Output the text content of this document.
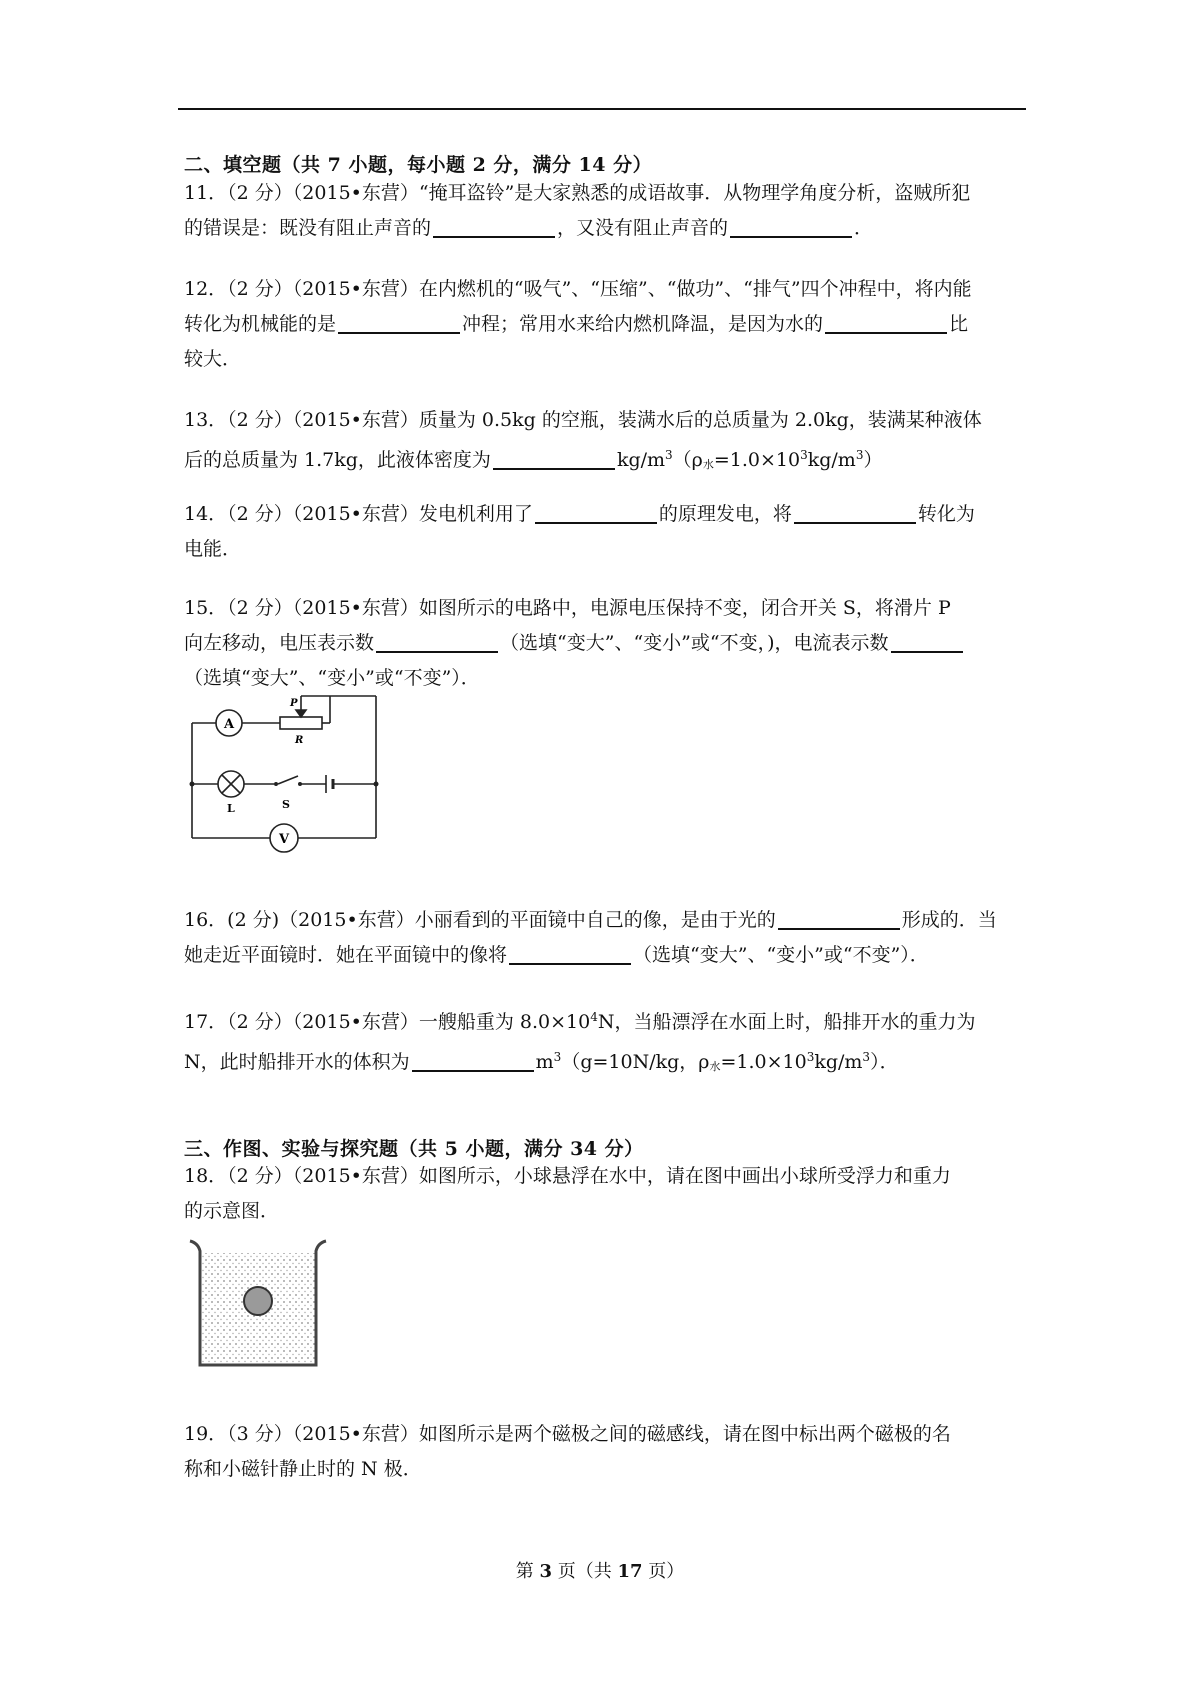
二、填空题（共 7 小题，每小题 2 分，满分 14 分）
11．（2 分）（2015•东营）“掩耳盗铃”是大家熟悉的成语故事．从物理学角度分析，盗贼所犯
的错误是：既没有阻止声音的	，又没有阻止声音的	．
12．（2 分）（2015•东营）在内燃机的“吸气”、“压缩”、“做功”、“排气”四个冲程中，将内能
转化为机械能的是	冲程；常用水来给内燃机降温，是因为水的	比
较大．
13．（2 分）（2015•东营）质量为 0.5kg 的空瓶，装满水后的总质量为 2.0kg，装满某种液体
后的总质量为 1.7kg，此液体密度为	$kg/m^3(\rho_水=1.0\times 10^3kg/m^3)$
14．（2 分）（2015•东营）发电机利用了	的原理发电，将	转化为
电能．
15．（2 分）（2015•东营）如图所示的电路中，电源电压保持不变，闭合开关 S，将滑片 P
向左移动，电压表示数	（选填“变大”、“变小”或“不变，)，电流表示数
（选填“变大”、“变小”或“不变”）．
A
V
P
R
L	S
16．(2 分)（2015•东营）小丽看到的平面镜中自己的像，是由于光的	形成的．当
她走近平面镜时．她在平面镜中的像将	（选填“变大”、“变小”或“不变”）．
17．（2 分）（2015•东营）一艘船重为 $8.0\times 10^4N$，当船漂浮在水面上时，船排开水的重力为
N，此时船排开水的体积为	$m^3(g=10N/kg$，$\rho_水=1.0\times 10^3kg/m^3$）．
三、作图、实验与探究题（共 5 小题，满分 34 分）
18．（2 分）（2015•东营）如图所示，小球悬浮在水中，请在图中画出小球所受浮力和重力
的示意图．
19．（3 分）（2015•东营）如图所示是两个磁极之间的磁感线，请在图中标出两个磁极的名
称和小磁针静止时的 N 极．
第 3 页（共 17 页）
